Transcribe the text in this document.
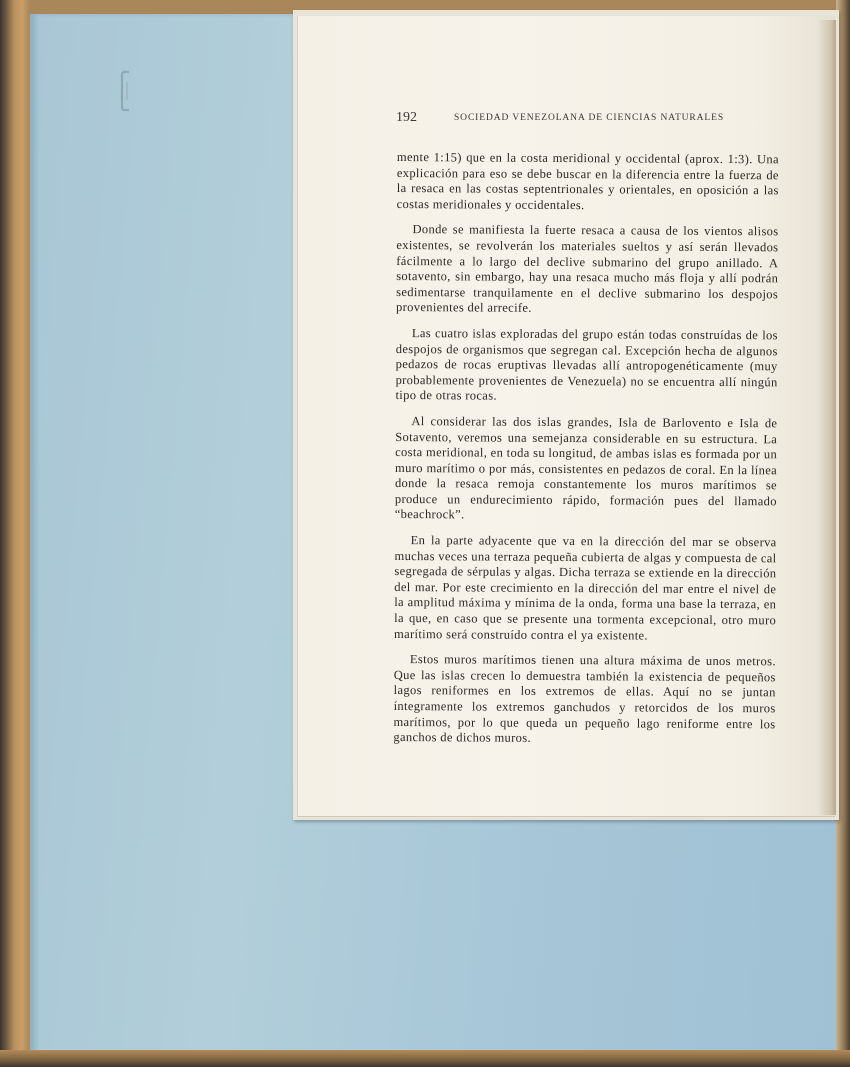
192	SOCIEDAD VENEZOLANA DE CIENCIAS NATURALES

mente 1:15) que en la costa meridional y occidental (aprox. 1:3). Una explicación para eso se debe buscar en la diferencia entre la fuerza de la resaca en las costas septentrionales y orientales, en oposición a las costas meridionales y occidentales.

Donde se manifiesta la fuerte resaca a causa de los vientos alisos existentes, se revolverán los materiales sueltos y así serán llevados fácilmente a lo largo del declive submarino del grupo anillado. A sotavento, sin embargo, hay una resaca mucho más floja y allí podrán sedimentarse tranquilamente en el declive submarino los despojos provenientes del arrecife.

Las cuatro islas exploradas del grupo están todas construídas de los despojos de organismos que segregan cal. Excepción hecha de algunos pedazos de rocas eruptivas llevadas allí antropogenéticamente (muy probablemente provenientes de Venezuela) no se encuentra allí ningún tipo de otras rocas.

Al considerar las dos islas grandes, Isla de Barlovento e Isla de Sotavento, veremos una semejanza considerable en su estructura. La costa meridional, en toda su longitud, de ambas islas es formada por un muro marítimo o por más, consistentes en pedazos de coral. En la línea donde la resaca remoja constantemente los muros marítimos se produce un endurecimiento rápido, formación pues del llamado “beachrock”.

En la parte adyacente que va en la dirección del mar se observa muchas veces una terraza pequeña cubierta de algas y compuesta de cal segregada de sérpulas y algas. Dicha terraza se extiende en la dirección del mar. Por este crecimiento en la dirección del mar entre el nivel de la amplitud máxima y mínima de la onda, forma una base la terraza, en la que, en caso que se presente una tormenta excepcional, otro muro marítimo será construído contra el ya existente.

Estos muros marítimos tienen una altura máxima de unos metros. Que las islas crecen lo demuestra también la existencia de pequeños lagos reniformes en los extremos de ellas. Aquí no se juntan íntegramente los extremos ganchudos y retorcidos de los muros marítimos, por lo que queda un pequeño lago reniforme entre los ganchos de dichos muros.
